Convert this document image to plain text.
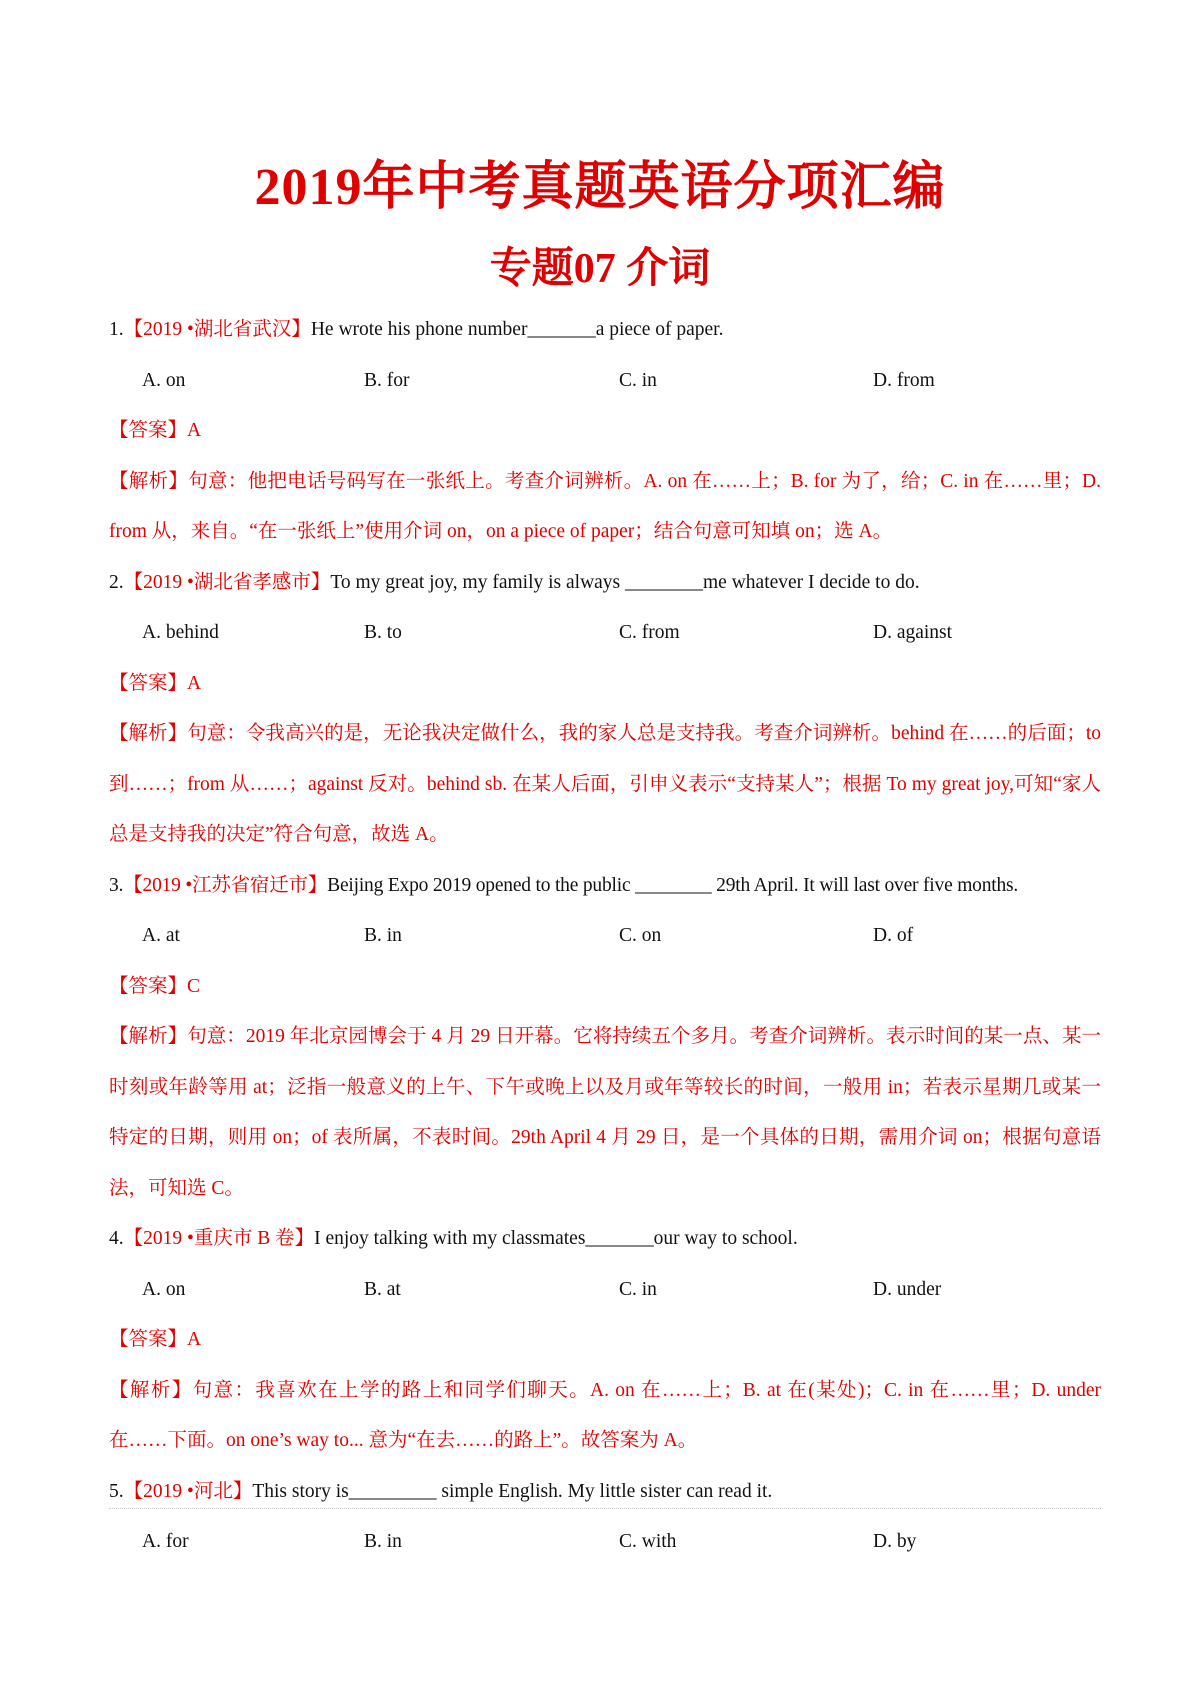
2019年中考真题英语分项汇编
专题07 介词
1.【2019 •湖北省武汉】He wrote his phone number_______a piece of paper.
A. on	B. for	C. in	D. from
【答案】A
【解析】句意：他把电话号码写在一张纸上。考查介词辨析。A. on 在……上；B. for 为了，给；C. in 在……里；D. from 从，来自。“在一张纸上”使用介词 on，on a piece of paper；结合句意可知填 on；选 A。
2.【2019 •湖北省孝感市】To my great joy, my family is always ________me whatever I decide to do.
A. behind	B. to	C. from	D. against
【答案】A
【解析】句意：令我高兴的是，无论我决定做什么，我的家人总是支持我。考查介词辨析。behind 在……的后面；to 到……；from 从……；against 反对。behind sb. 在某人后面，引申义表示“支持某人”；根据 To my great joy,可知“家人总是支持我的决定”符合句意，故选 A。
3.【2019 •江苏省宿迁市】Beijing Expo 2019 opened to the public ________ 29th April. It will last over five months.
A. at	B. in	C. on	D. of
【答案】C
【解析】句意：2019 年北京园博会于 4 月 29 日开幕。它将持续五个多月。考查介词辨析。表示时间的某一点、某一时刻或年龄等用 at；泛指一般意义的上午、下午或晚上以及月或年等较长的时间，一般用 in；若表示星期几或某一特定的日期，则用 on；of 表所属，不表时间。29th April 4 月 29 日，是一个具体的日期，需用介词 on；根据句意语法，可知选 C。
4.【2019 •重庆市 B 卷】I enjoy talking with my classmates_______our way to school.
A. on	B. at	C. in	D. under
【答案】A
【解析】句意：我喜欢在上学的路上和同学们聊天。A. on 在……上；B. at 在(某处)；C. in 在……里；D. under 在……下面。on one’s way to... 意为“在去……的路上”。故答案为 A。
5.【2019 •河北】This story is_________ simple English. My little sister can read it.
A. for	B. in	C. with	D. by
